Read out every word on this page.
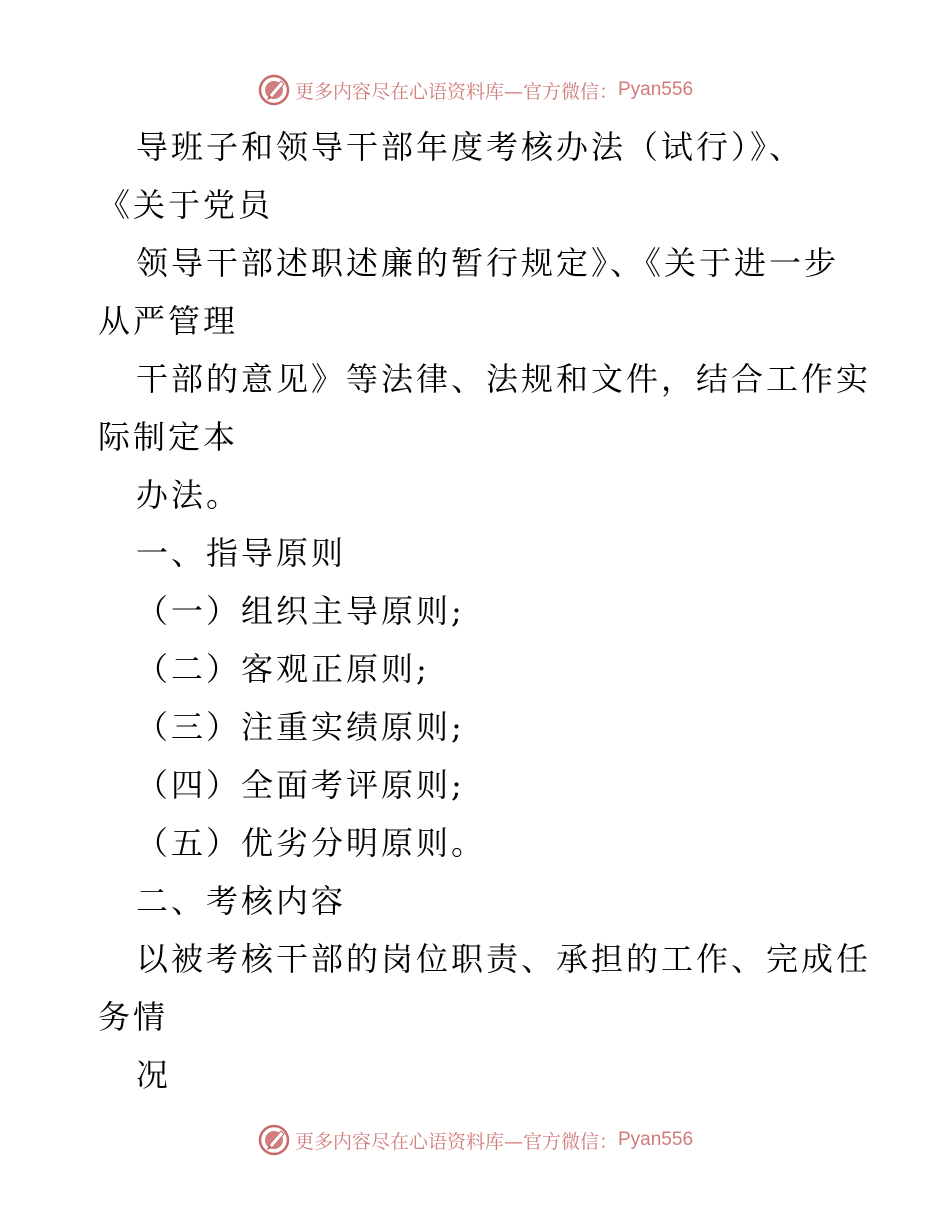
更多内容尽在心语资料库—官方微信： Pyan556
导班子和领导干部年度考核办法（试行）》、
《关于党员
领导干部述职述廉的暂行规定》、《关于进一步
从严管理
干部的意见》等法律、法规和文件，结合工作实
际制定本
办法。
一、指导原则
（一）组织主导原则;
（二）客观正原则;
（三）注重实绩原则;
（四）全面考评原则;
（五）优劣分明原则。
二、考核内容
以被考核干部的岗位职责、承担的工作、完成任
务情
况
更多内容尽在心语资料库—官方微信： Pyan556
